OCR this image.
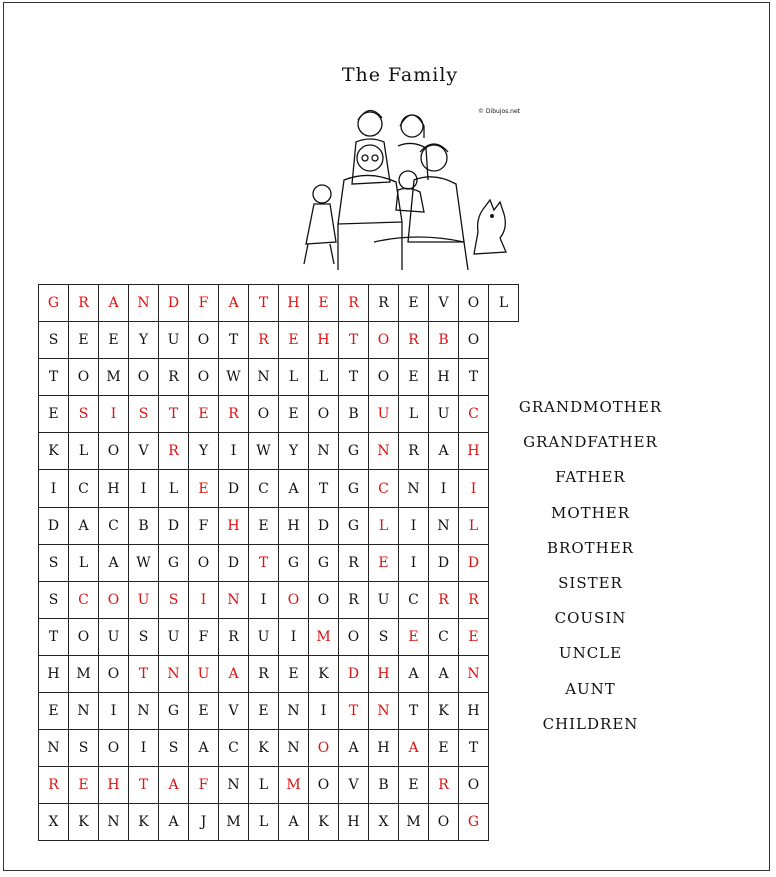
The Family
© Dibujos.net
G	R	A	N	D	F	A	T	H	E	R	R	E	V	O	L
S	E	E	Y	U	O	T	R	E	H	T	O	R	B	O	
T	O	M	O	R	O	W	N	L	L	T	O	E	H	T	
E	S	I	S	T	E	R	O	E	O	B	U	L	U	C	
K	L	O	V	R	Y	I	W	Y	N	G	N	R	A	H	
I	C	H	I	L	E	D	C	A	T	G	C	N	I	I	
D	A	C	B	D	F	H	E	H	D	G	L	I	N	L	
S	L	A	W	G	O	D	T	G	G	R	E	I	D	D	
S	C	O	U	S	I	N	I	O	O	R	U	C	R	R	
T	O	U	S	U	F	R	U	I	M	O	S	E	C	E	
H	M	O	T	N	U	A	R	E	K	D	H	A	A	N	
E	N	I	N	G	E	V	E	N	I	T	N	T	K	H	
N	S	O	I	S	A	C	K	N	O	A	H	A	E	T	
R	E	H	T	A	F	N	L	M	O	V	B	E	R	O	
X	K	N	K	A	J	M	L	A	K	H	X	M	O	G	
GRANDMOTHER
GRANDFATHER
FATHER
MOTHER
BROTHER
SISTER
COUSIN
UNCLE
AUNT
CHILDREN
